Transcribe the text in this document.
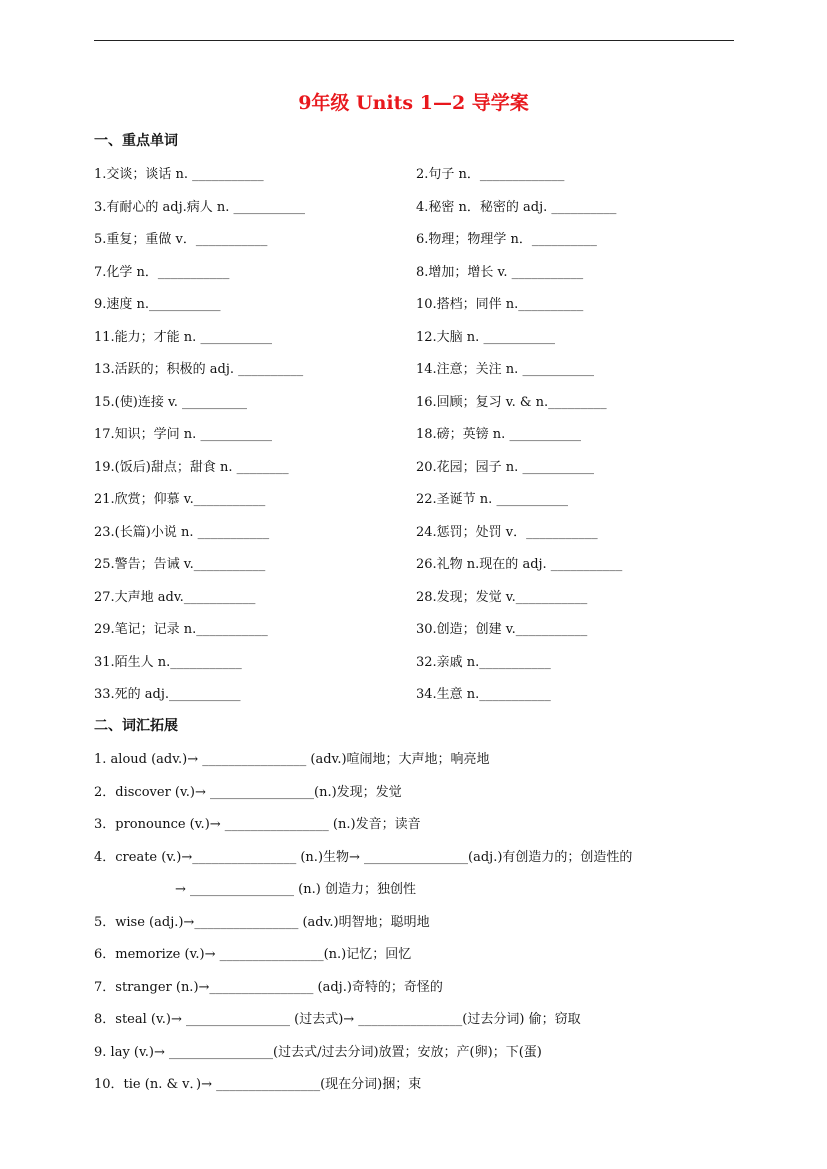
9年级 Units 1—2 导学案
一、重点单词
1.交谈；谈话 n. ___________	2.句子 n．_____________
3.有耐心的 adj.病人 n. ___________	4.秘密 n．秘密的 adj. __________
5.重复；重做 v．___________	6.物理；物理学 n．__________
7.化学 n．___________	8.增加；增长 v. ___________
9.速度 n.___________	10.搭档；同伴 n.__________
11.能力；才能 n. ___________	12.大脑 n. ___________
13.活跃的；积极的 adj. __________	14.注意；关注 n. ___________
15.(使)连接 v. __________	16.回顾；复习 v. & n._________
17.知识；学问 n. ___________	18.磅；英镑 n. ___________
19.(饭后)甜点；甜食 n. ________	20.花园；园子 n. ___________
21.欣赏；仰慕 v.___________	22.圣诞节 n. ___________
23.(长篇)小说 n. ___________	24.惩罚；处罚 v．___________
25.警告；告诫 v.___________	26.礼物 n.现在的 adj. ___________
27.大声地 adv.___________	28.发现；发觉 v.___________
29.笔记；记录 n.___________	30.创造；创建 v.___________
31.陌生人 n.___________	32.亲戚 n.___________
33.死的 adj.___________	34.生意 n.___________
二、词汇拓展
1. aloud (adv.)→ ________________ (adv.)喧闹地；大声地；响亮地
2．discover (v.)→ ________________(n.)发现；发觉
3．pronounce (v.)→ ________________ (n.)发音；读音
4．create (v.)→________________ (n.)生物→ ________________(adj.)有创造力的；创造性的
→ ________________ (n.) 创造力；独创性
5．wise (adj.)→________________ (adv.)明智地；聪明地
6．memorize (v.)→ ________________(n.)记忆；回忆
7．stranger (n.)→________________ (adj.)奇特的；奇怪的
8．steal (v.)→ ________________ (过去式)→ ________________(过去分词) 偷；窃取
9. lay (v.)→ ________________(过去式/过去分词)放置；安放；产(卵)；下(蛋)
10．tie (n. & v．)→ ________________(现在分词)捆；束
